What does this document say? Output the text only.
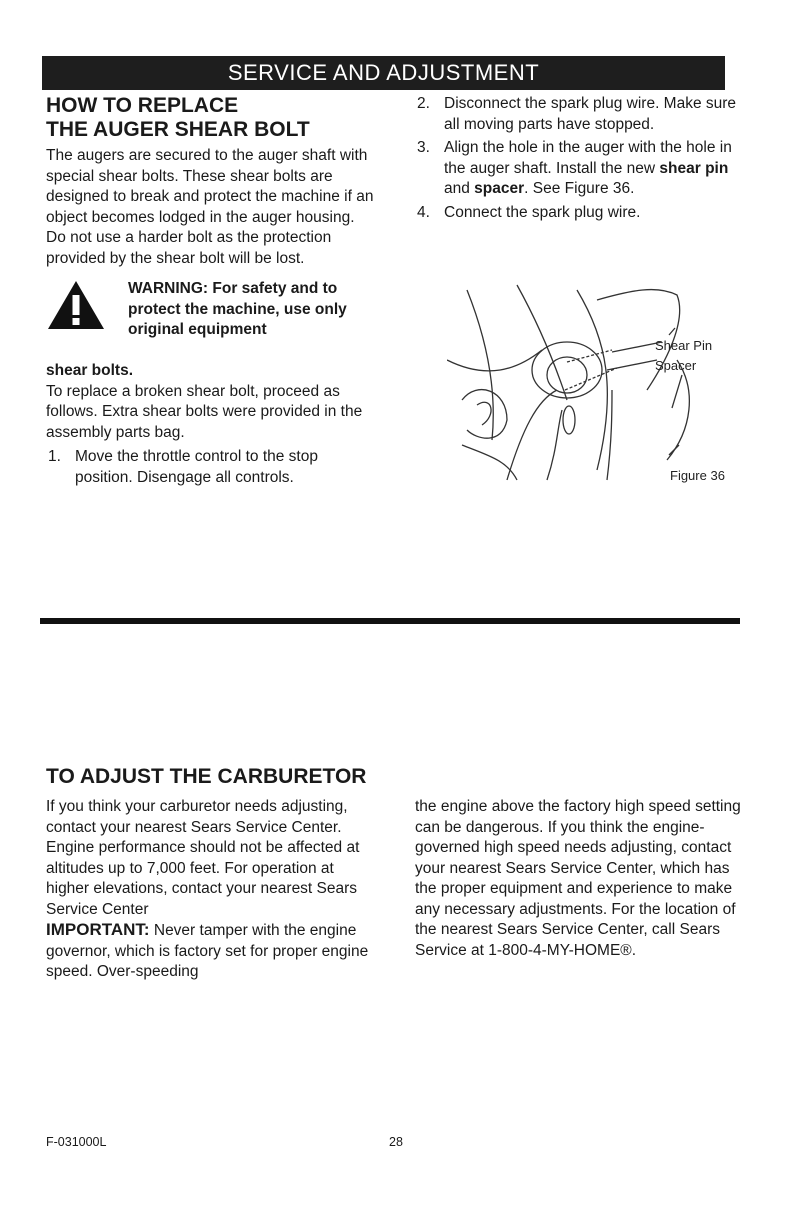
SERVICE AND ADJUSTMENT

HOW TO REPLACE

THE AUGER SHEAR BOLT

The augers are secured to the auger shaft with special shear bolts. These shear bolts are designed to break and protect the machine if an object becomes lodged in the auger housing. Do not use a harder bolt as the protection provided by the shear bolt will be lost.

WARNING: For safety and to protect the machine, use only original equipment
shear bolts.

To replace a broken shear bolt, proceed as follows. Extra shear bolts were provided in the assembly parts bag.

1. Move the throttle control to the stop position. Disengage all controls.
2. Disconnect the spark plug wire. Make sure all moving parts have stopped.
3. Align the hole in the auger with the hole in the auger shaft. Install the new shear pin and spacer. See Figure 36.
4. Connect the spark plug wire.
Shear Pin
Spacer
Figure 36

TO ADJUST THE CARBURETOR

If you think your carburetor needs adjusting, contact your nearest Sears Service Center. Engine performance should not be affected at altitudes up to 7,000 feet. For operation at higher elevations, contact your nearest Sears Service Center
IMPORTANT: Never tamper with the engine governor, which is factory set for proper engine speed. Over-speeding
the engine above the factory high speed setting can be dangerous. If you think the engine-governed high speed needs adjusting, contact your nearest Sears Service Center, which has the proper equipment and experience to make any necessary adjustments. For the location of the nearest Sears Service Center, call Sears Service at 1-800-4-MY-HOME®.
F-031000L	28
